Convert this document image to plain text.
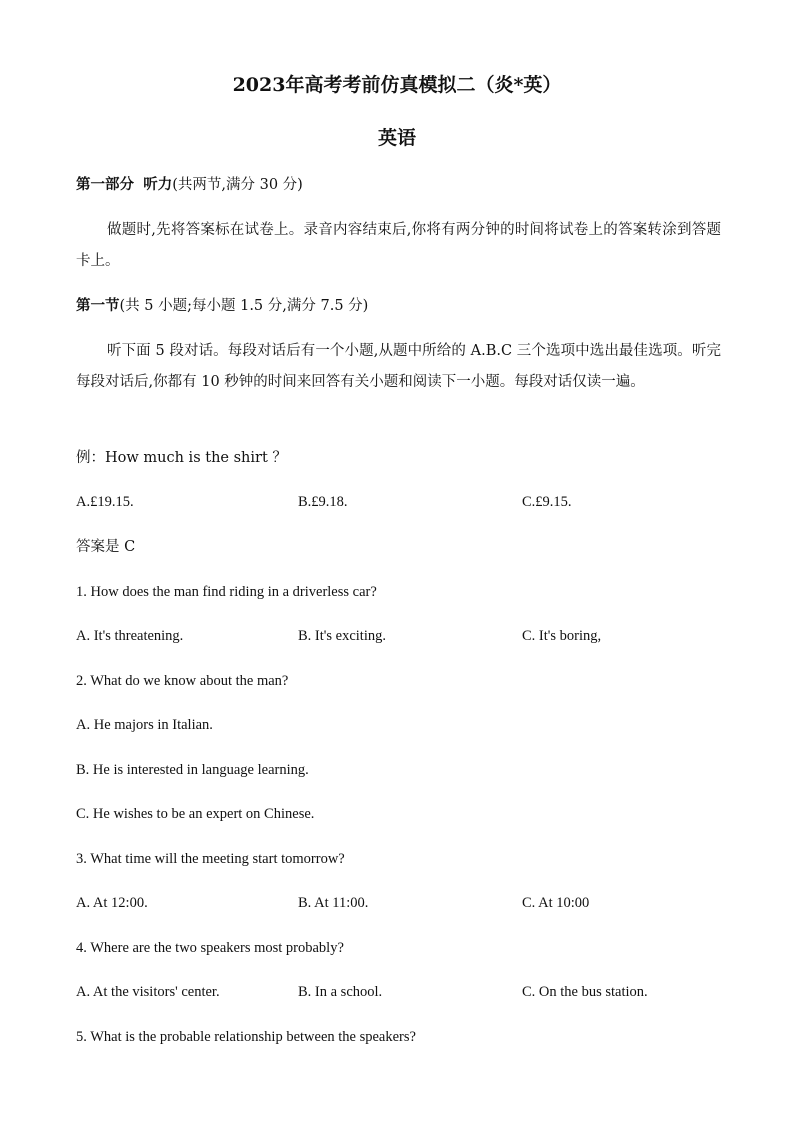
2023年高考考前仿真模拟二（炎*英）
英语
第一部分 听力(共两节,满分 30 分)
做题时,先将答案标在试卷上。录音内容结束后,你将有两分钟的时间将试卷上的答案转涂到答题卡上。
第一节(共 5 小题;每小题 1.5 分,满分 7.5 分)
听下面 5 段对话。每段对话后有一个小题,从题中所给的 A.B.C 三个选项中选出最佳选项。听完每段对话后,你都有 10 秒钟的时间来回答有关小题和阅读下一小题。每段对话仅读一遍。
例：How much is the shirt ？
A.£19.15.	B.£9.18.	C.£9.15.
答案是 C
1. How does the man find riding in a driverless car?
A. It's threatening.	B. It's exciting.	C. It's boring,
2. What do we know about the man?
A. He majors in Italian.
B. He is interested in language learning.
C. He wishes to be an expert on Chinese.
3. What time will the meeting start tomorrow?
A. At 12:00.	B. At 11:00.	C. At 10:00
4. Where are the two speakers most probably?
A. At the visitors' center.	B. In a school.	C. On the bus station.
5. What is the probable relationship between the speakers?
